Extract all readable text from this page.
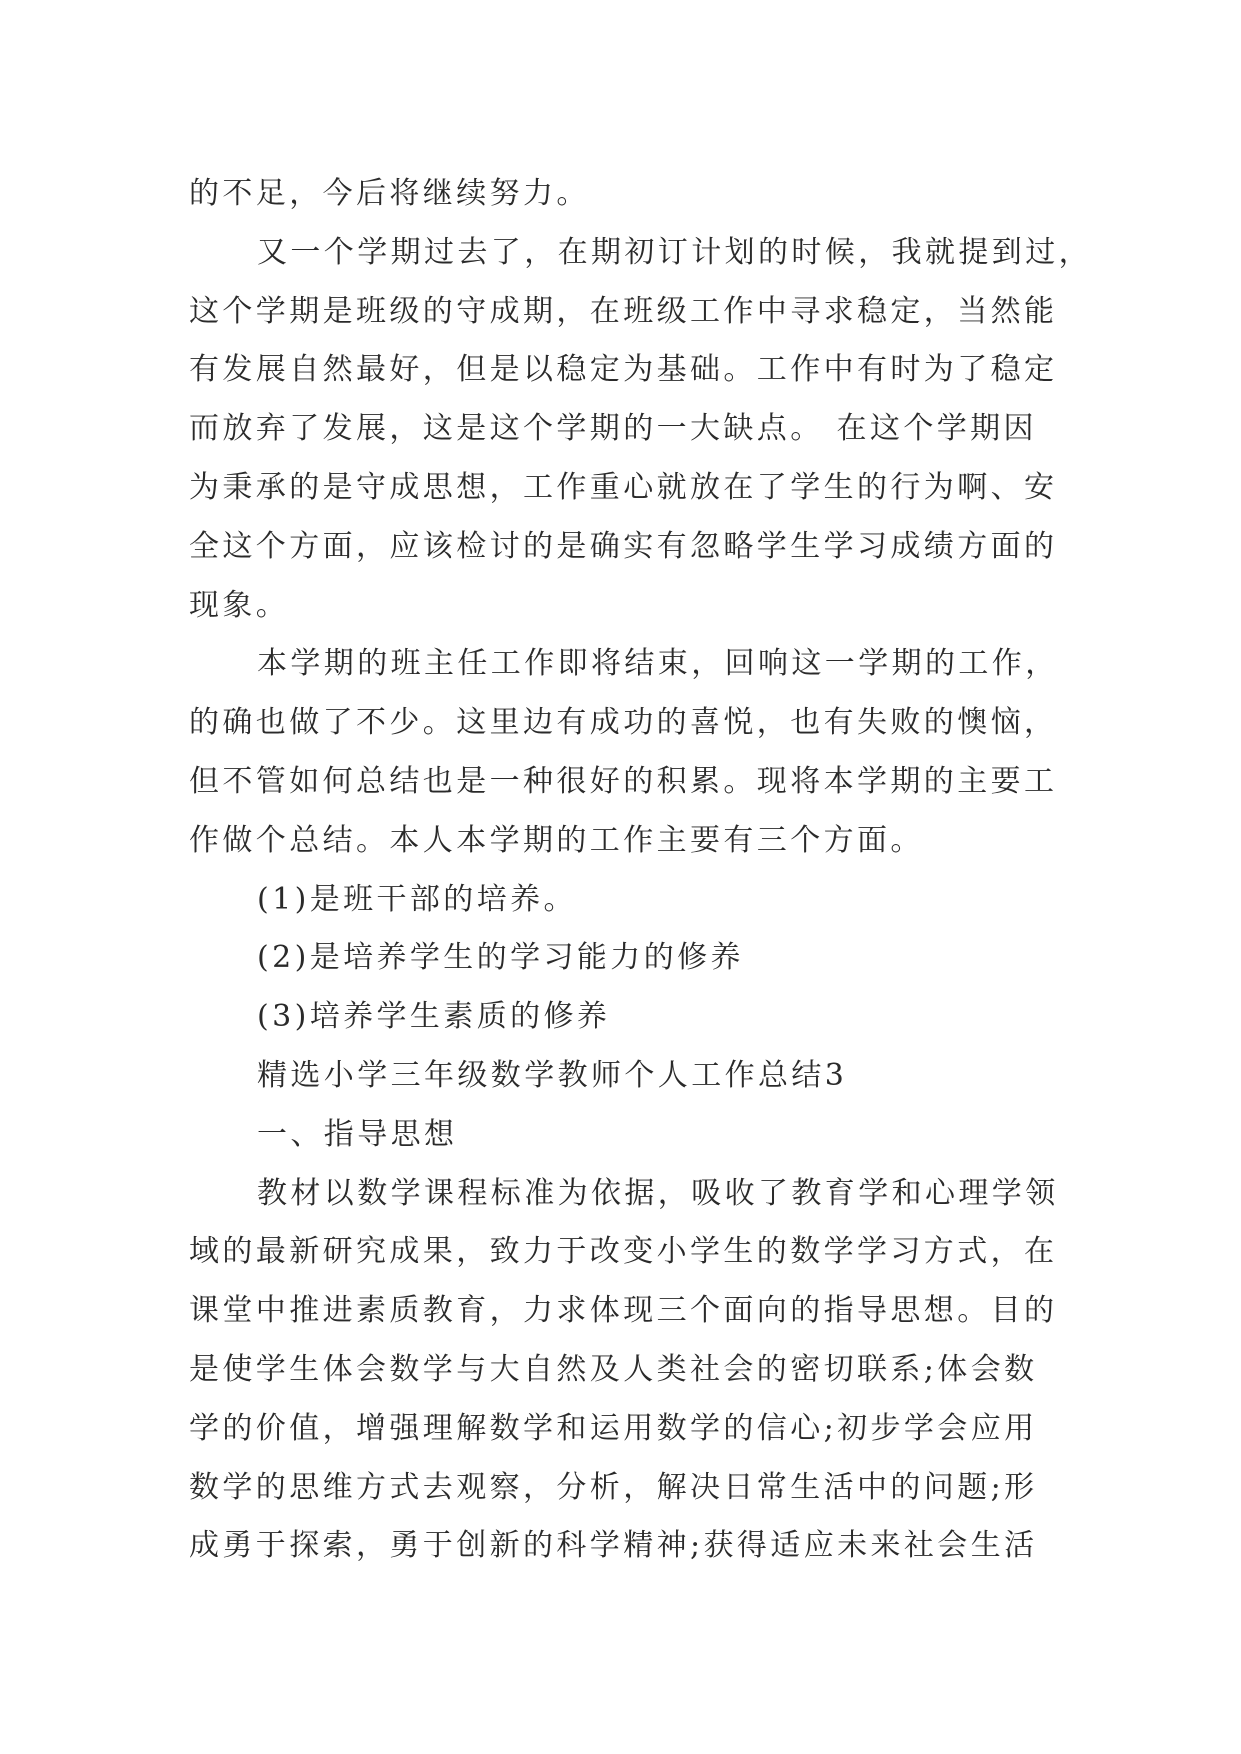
的不足，今后将继续努力。
又一个学期过去了，在期初订计划的时候，我就提到过，
这个学期是班级的守成期，在班级工作中寻求稳定，当然能
有发展自然最好，但是以稳定为基础。工作中有时为了稳定
而放弃了发展，这是这个学期的一大缺点。 在这个学期因
为秉承的是守成思想，工作重心就放在了学生的行为啊、安
全这个方面，应该检讨的是确实有忽略学生学习成绩方面的
现象。
本学期的班主任工作即将结束，回响这一学期的工作，
的确也做了不少。这里边有成功的喜悦，也有失败的懊恼，
但不管如何总结也是一种很好的积累。现将本学期的主要工
作做个总结。本人本学期的工作主要有三个方面。
(1)是班干部的培养。
(2)是培养学生的学习能力的修养
(3)培养学生素质的修养
精选小学三年级数学教师个人工作总结3
一、指导思想
教材以数学课程标准为依据，吸收了教育学和心理学领
域的最新研究成果，致力于改变小学生的数学学习方式，在
课堂中推进素质教育，力求体现三个面向的指导思想。目的
是使学生体会数学与大自然及人类社会的密切联系;体会数
学的价值，增强理解数学和运用数学的信心;初步学会应用
数学的思维方式去观察，分析，解决日常生活中的问题;形
成勇于探索，勇于创新的科学精神;获得适应未来社会生活
